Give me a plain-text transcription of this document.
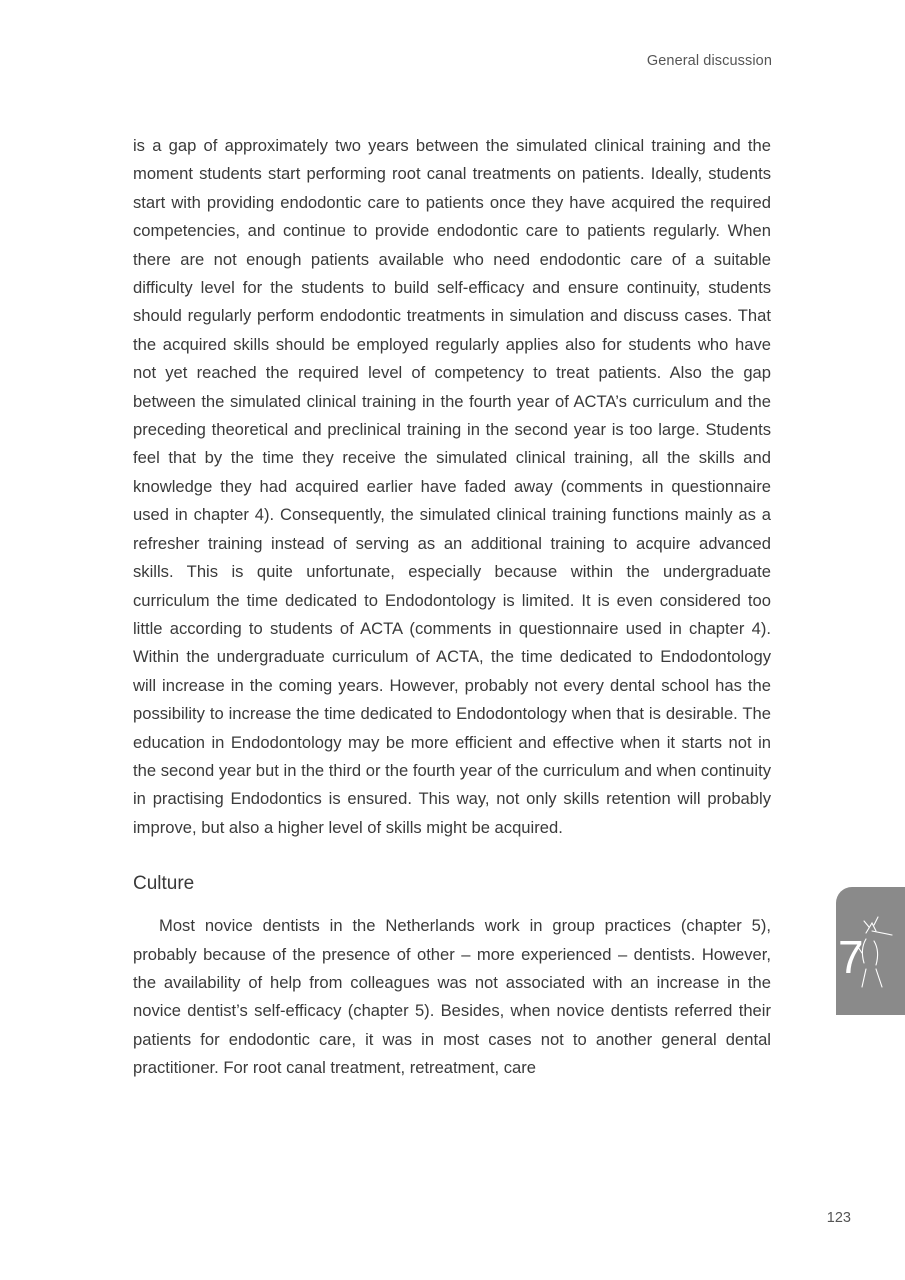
General discussion

is a gap of approximately two years between the simulated clinical training and the moment students start performing root canal treatments on patients. Ideally, students start with providing endodontic care to patients once they have acquired the required competencies, and continue to provide endodontic care to patients regularly. When there are not enough patients available who need endodontic care of a suitable difficulty level for the students to build self-efficacy and ensure continuity, students should regularly perform endodontic treatments in simulation and discuss cases. That the acquired skills should be employed regularly applies also for students who have not yet reached the required level of competency to treat patients. Also the gap between the simulated clinical training in the fourth year of ACTA’s curriculum and the preceding theoretical and preclinical training in the second year is too large. Students feel that by the time they receive the simulated clinical training, all the skills and knowledge they had acquired earlier have faded away (comments in questionnaire used in chapter 4). Consequently, the simulated clinical training functions mainly as a refresher training instead of serving as an additional training to acquire advanced skills. This is quite unfortunate, especially because within the undergraduate curriculum the time dedicated to Endodontology is limited. It is even considered too little according to students of ACTA (comments in questionnaire used in chapter 4). Within the undergraduate curriculum of ACTA, the time dedicated to Endodontology will increase in the coming years. However, probably not every dental school has the possibility to increase the time dedicated to Endodontology when that is desirable. The education in Endodontology may be more efficient and effective when it starts not in the second year but in the third or the fourth year of the curriculum and when continuity in practising Endodontics is ensured. This way, not only skills retention will probably improve, but also a higher level of skills might be acquired.

Culture

Most novice dentists in the Netherlands work in group practices (chapter 5), probably because of the presence of other – more experienced – dentists. However, the availability of help from colleagues was not associated with an increase in the novice dentist’s self-efficacy (chapter 5). Besides, when novice dentists referred their patients for endodontic care, it was in most cases not to another general dental practitioner. For root canal treatment, retreatment, care

7
123
